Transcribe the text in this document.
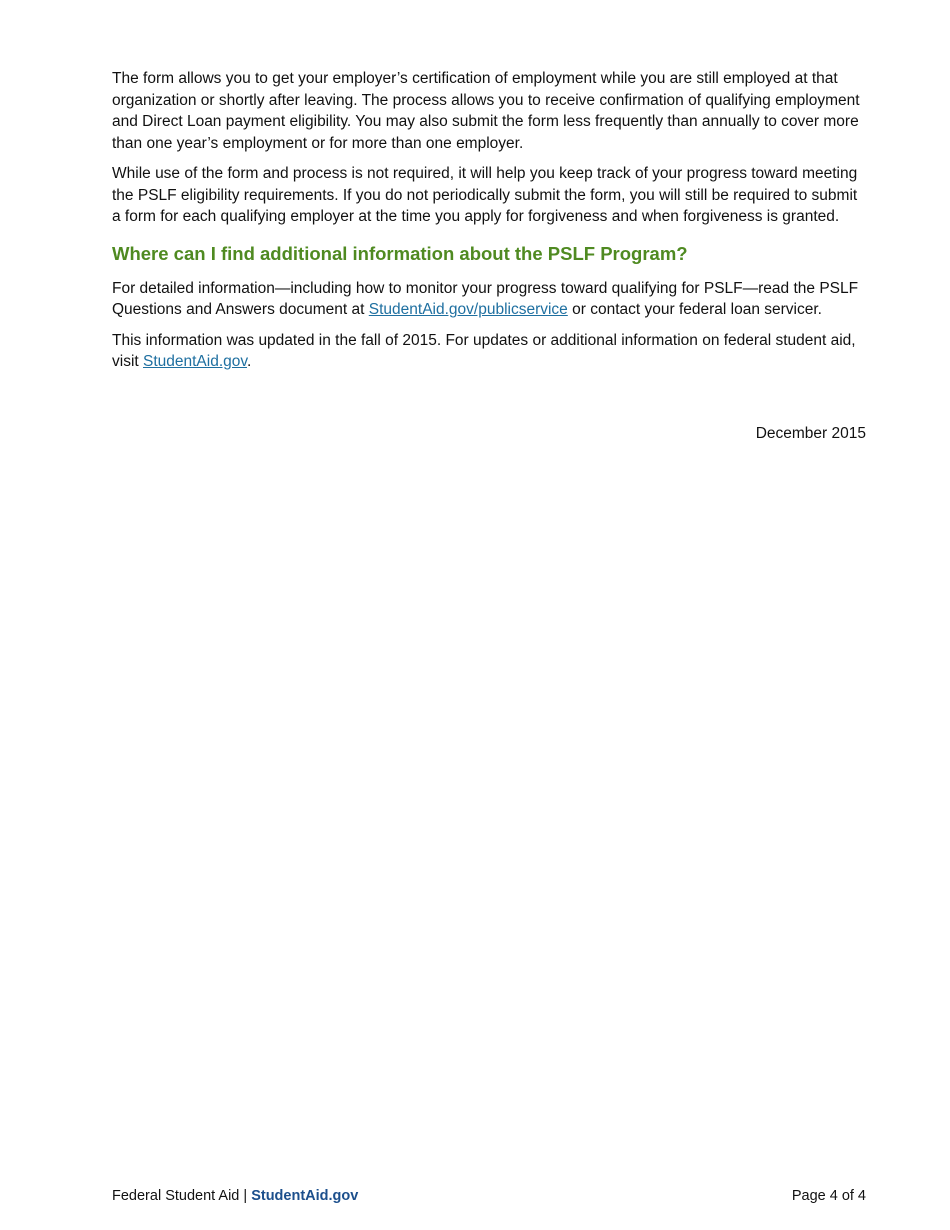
The form allows you to get your employer’s certification of employment while you are still employed at that organization or shortly after leaving. The process allows you to receive confirmation of qualifying employment and Direct Loan payment eligibility. You may also submit the form less frequently than annually to cover more than one year’s employment or for more than one employer.

While use of the form and process is not required, it will help you keep track of your progress toward meeting the PSLF eligibility requirements. If you do not periodically submit the form, you will still be required to submit a form for each qualifying employer at the time you apply for forgiveness and when forgiveness is granted.

Where can I find additional information about the PSLF Program?

For detailed information—including how to monitor your progress toward qualifying for PSLF—read the PSLF Questions and Answers document at StudentAid.gov/publicservice or contact your federal loan servicer.

This information was updated in the fall of 2015. For updates or additional information on federal student aid, visit StudentAid.gov.

December 2015
Federal Student Aid | StudentAid.gov	Page 4 of 4
